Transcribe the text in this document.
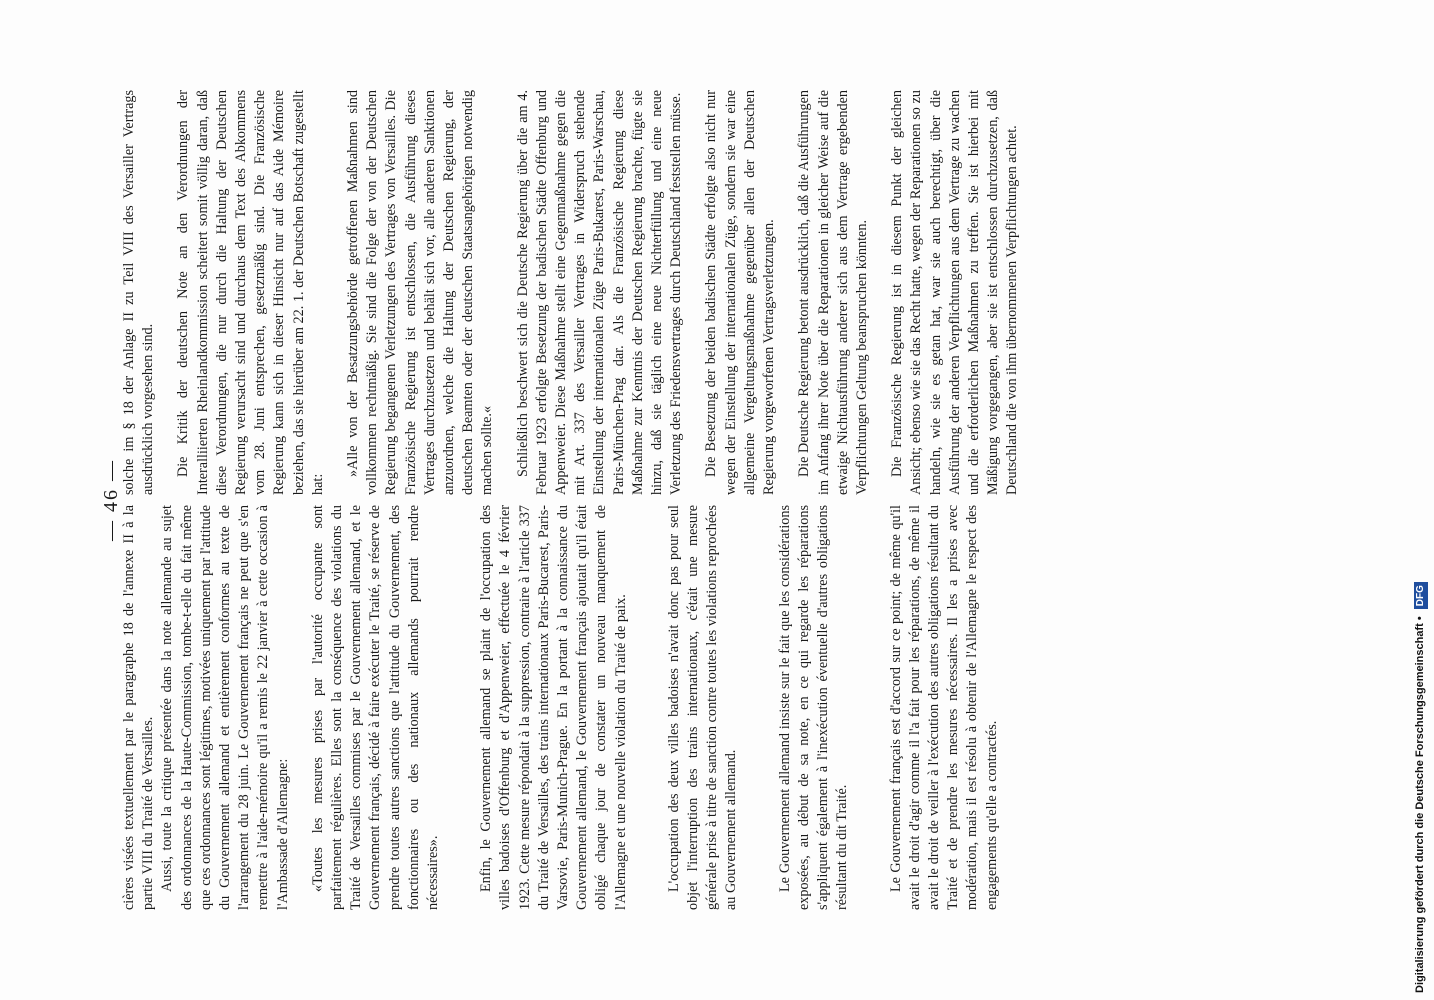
— 46 —

cières visées textuellement par le paragraphe 18 de l'annexe II à la partie VIII du Traité de Versailles. Aussi, toute la critique présentée dans la note allemande au sujet des ordonnances de la Haute-Commission, tombe-t-elle du fait même que ces ordonnances sont légitimes, motivées uniquement par l'attitude du Gouvernement allemand et entièrement conformes au texte de l'arrangement du 28 juin. Le Gouvernement français ne peut que s'en remettre à l'aide-mémoire qu'il a remis le 22 janvier à cette occasion à l'Ambassade d'Allemagne: «Toutes les mesures prises par l'autorité occupante sont parfaitement régulières. Elles sont la conséquence des violations du Traité de Versailles commises par le Gouvernement allemand, et le Gouvernement français, décidé à faire exécuter le Traité, se réserve de prendre toutes autres sanctions que l'attitude du Gouvernement, des fonctionnaires ou des nationaux allemands pourrait rendre nécessaires».	Enfin, le Gouvernement allemand se plaint de l'occupation des villes badoises d'Offenburg et d'Appenweier, effectuée le 4 février 1923. Cette mesure répondait à la suppression, contraire à l'article 337 du Traité de Versailles, des trains internationaux Paris-Bucarest, Paris-Varsovie, Paris-Munich-Prague. En la portant à la connaissance du Gouvernement allemand, le Gouvernement français ajoutait qu'il était obligé chaque jour de constater un nouveau manquement de l'Allemagne et une nouvelle violation du Traité de paix.	L'occupation des deux villes badoises n'avait donc pas pour seul objet l'interruption des trains internationaux, c'était une mesure générale prise à titre de sanction contre toutes les violations reprochées au Gouvernement allemand.	Le Gouvernement allemand insiste sur le fait que les considérations exposées, au début de sa note, en ce qui regarde les réparations s'appliquent également à l'inexécution éventuelle d'autres obligations résultant du dit Traité.	Le Gouvernement français est d'accord sur ce point; de même qu'il avait le droit d'agir comme il l'a fait pour les réparations, de même il avait le droit de veiller à l'exécution des autres obligations résultant du Traité et de prendre les mesures nécessaires. Il les a prises avec modération, mais il est résolu à obtenir de l'Allemagne le respect des engagements qu'elle a contractés.

solche im § 18 der Anlage II zu Teil VIII des Versailler Vertrags ausdrücklich vorgesehen sind. Die Kritik der deutschen Note an den Verordnungen der Interalliierten Rheinlandkommission scheitert somit völlig daran, daß diese Verordnungen, die nur durch die Haltung der Deutschen Regierung verursacht sind und durchaus dem Text des Abkommens vom 28. Juni entsprechen, gesetzmäßig sind. Die Französische Regierung kann sich in dieser Hinsicht nur auf das Aide Mémoire beziehen, das sie hierüber am 22. 1. der Deutschen Botschaft zugestellt hat:

»Alle von der Besatzungsbehörde getroffenen Maßnahmen sind vollkommen rechtmäßig. Sie sind die Folge der von der Deutschen Regierung begangenen Verletzungen des Vertrages von Versailles. Die Französische Regierung ist entschlossen, die Ausführung dieses Vertrages durchzusetzen und behält sich vor, alle anderen Sanktionen anzuordnen, welche die Haltung der Deutschen Regierung, der deutschen Beamten oder der deutschen Staatsangehörigen notwendig machen sollte.« Schließlich beschwert sich die Deutsche Regierung über die am 4. Februar 1923 erfolgte Besetzung der badischen Städte Offenburg und Appenweier. Diese Maßnahme stellt eine Gegenmaßnahme gegen die mit Art. 337 des Versailler Vertrages in Widerspruch stehende Einstellung der internationalen Züge Paris-Bukarest, Paris-Warschau, Paris-München-Prag dar. Als die Französische Regierung diese Maßnahme zur Kenntnis der Deutschen Regierung brachte, fügte sie hinzu, daß sie täglich eine neue Nichterfüllung und eine neue Verletzung des Friedensvertrages durch Deutschland feststellen müsse. Die Besetzung der beiden badischen Städte erfolgte also nicht nur wegen der Einstellung der internationalen Züge, sondern sie war eine allgemeine Vergeltungsmaßnahme gegenüber allen der Deutschen Regierung vorgeworfenen Vertragsverletzungen. Die Deutsche Regierung betont ausdrücklich, daß die Ausführungen im Anfang ihrer Note über die Reparationen in gleicher Weise auf die etwaige Nichtausführung anderer sich aus dem Vertrage ergebenden Verpflichtungen Geltung beanspruchen könnten. Die Französische Regierung ist in diesem Punkt der gleichen Ansicht; ebenso wie sie das Recht hatte, wegen der Reparationen so zu handeln, wie sie es getan hat, war sie auch berechtigt, über die Ausführung der anderen Verpflichtungen aus dem Vertrage zu wachen und die erforderlichen Maßnahmen zu treffen. Sie ist hierbei mit Mäßigung vorgegangen, aber sie ist entschlossen durchzusetzen, daß Deutschland die von ihm übernommenen Verpflichtungen achtet.

Digitalisierung gefördert durch die Deutsche Forschungsgemeinschaft • DFG
